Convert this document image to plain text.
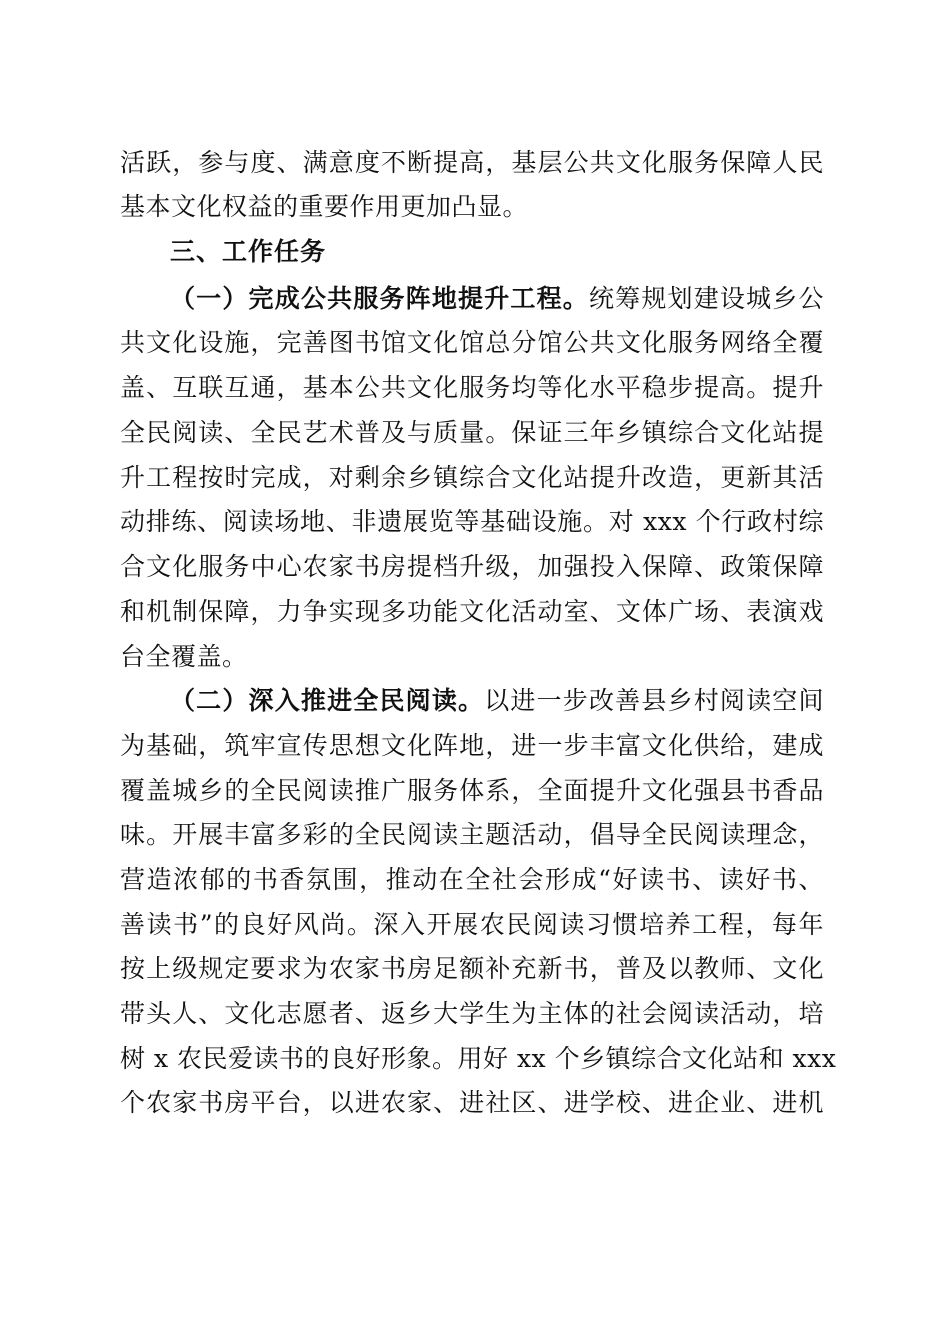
活跃，参与度、满意度不断提高，基层公共文化服务保障人民
基本文化权益的重要作用更加凸显。
三、工作任务
（一）完成公共服务阵地提升工程。统筹规划建设城乡公
共文化设施，完善图书馆文化馆总分馆公共文化服务网络全覆
盖、互联互通，基本公共文化服务均等化水平稳步提高。提升
全民阅读、全民艺术普及与质量。保证三年乡镇综合文化站提
升工程按时完成，对剩余乡镇综合文化站提升改造，更新其活
动排练、阅读场地、非遗展览等基础设施。对 xxx 个行政村综
合文化服务中心农家书房提档升级，加强投入保障、政策保障
和机制保障，力争实现多功能文化活动室、文体广场、表演戏
台全覆盖。
（二）深入推进全民阅读。以进一步改善县乡村阅读空间
为基础，筑牢宣传思想文化阵地，进一步丰富文化供给，建成
覆盖城乡的全民阅读推广服务体系，全面提升文化强县书香品
味。开展丰富多彩的全民阅读主题活动，倡导全民阅读理念，
营造浓郁的书香氛围，推动在全社会形成“好读书、读好书、
善读书”的良好风尚。深入开展农民阅读习惯培养工程，每年
按上级规定要求为农家书房足额补充新书，普及以教师、文化
带头人、文化志愿者、返乡大学生为主体的社会阅读活动，培
树 x 农民爱读书的良好形象。用好 xx 个乡镇综合文化站和 xxx
个农家书房平台，以进农家、进社区、进学校、进企业、进机
